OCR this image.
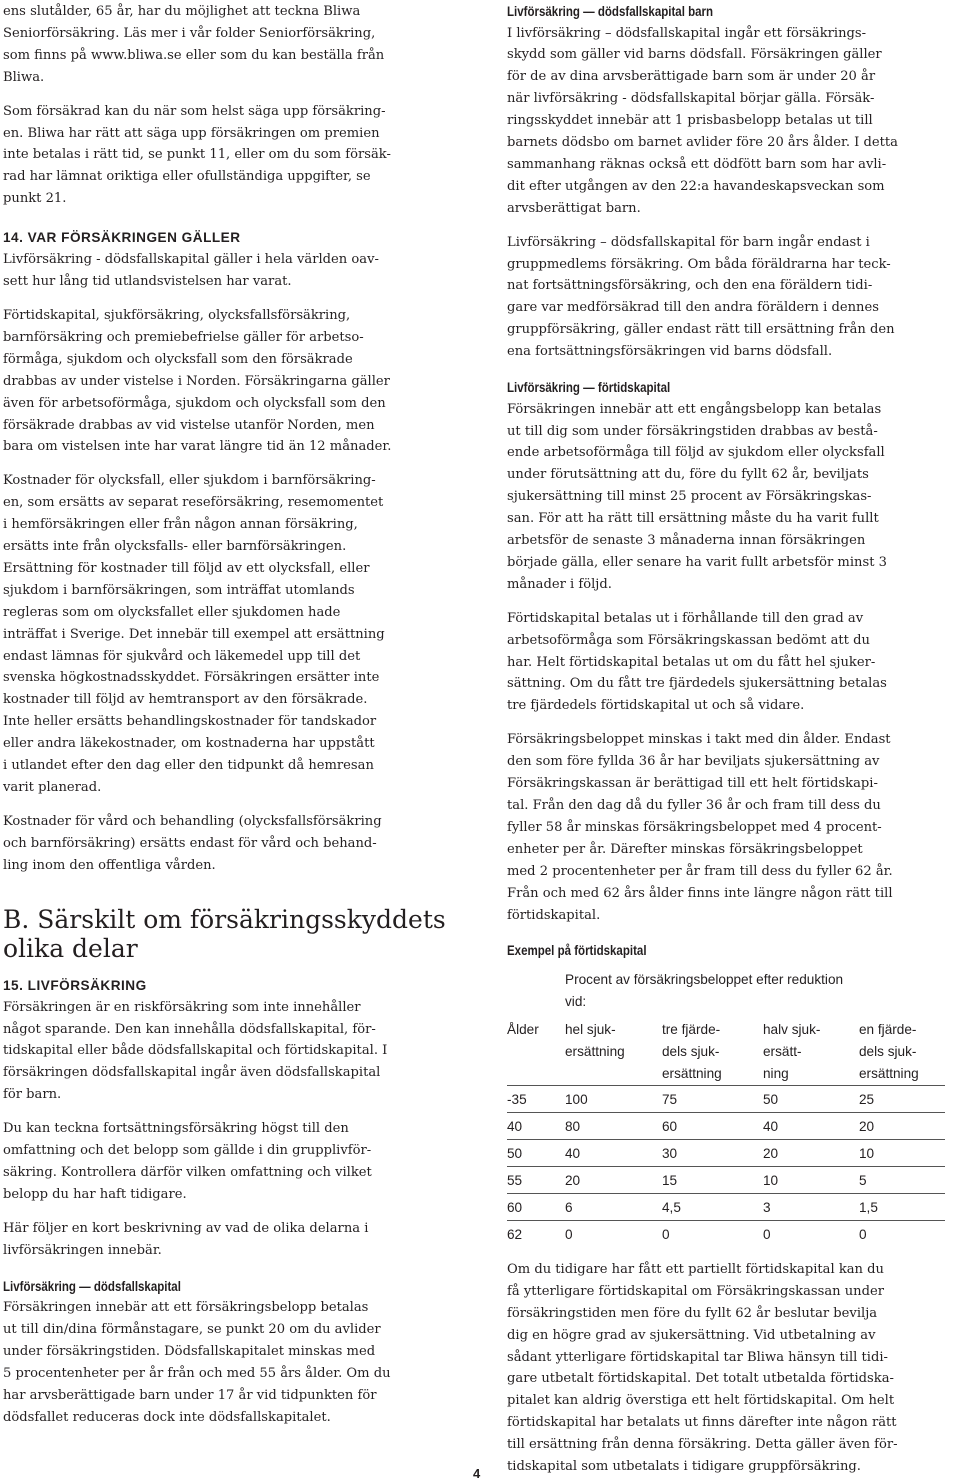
ens slutålder, 65 år, har du möjlighet att teckna Bliwa
Seniorförsäkring. Läs mer i vår folder Seniorförsäkring,
som finns på www.bliwa.se eller som du kan beställa från
Bliwa.

Som försäkrad kan du när som helst säga upp försäkring-
en. Bliwa har rätt att säga upp försäkringen om premien
inte betalas i rätt tid, se punkt 11, eller om du som försäk-
rad har lämnat oriktiga eller ofullständiga uppgifter, se
punkt 21.

14. VAR FÖRSÄKRINGEN GÄLLER

Livförsäkring - dödsfallskapital gäller i hela världen oav-
sett hur lång tid utlandsvistelsen har varat.

Förtidskapital, sjukförsäkring, olycksfallsförsäkring,
barnförsäkring och premiebefrielse gäller för arbetso-
förmåga, sjukdom och olycksfall som den försäkrade
drabbas av under vistelse i Norden. Försäkringarna gäller
även för arbetsoförmåga, sjukdom och olycksfall som den
försäkrade drabbas av vid vistelse utanför Norden, men
bara om vistelsen inte har varat längre tid än 12 månader.

Kostnader för olycksfall, eller sjukdom i barnförsäkring-
en, som ersätts av separat reseförsäkring, resemomentet
i hemförsäkringen eller från någon annan försäkring,
ersätts inte från olycksfalls- eller barnförsäkringen.
Ersättning för kostnader till följd av ett olycksfall, eller
sjukdom i barnförsäkringen, som inträffat utomlands
regleras som om olycksfallet eller sjukdomen hade
inträffat i Sverige. Det innebär till exempel att ersättning
endast lämnas för sjukvård och läkemedel upp till det
svenska högkostnadsskyddet. Försäkringen ersätter inte
kostnader till följd av hemtransport av den försäkrade.
Inte heller ersätts behandlingskostnader för tandskador
eller andra läkekostnader, om kostnaderna har uppstått
i utlandet efter den dag eller den tidpunkt då hemresan
varit planerad.

Kostnader för vård och behandling (olycksfallsförsäkring
och barnförsäkring) ersätts endast för vård och behand-
ling inom den offentliga vården.

B. Särskilt om försäkringsskyddets
olika delar
15. LIVFÖRSÄKRING

Försäkringen är en riskförsäkring som inte innehåller
något sparande. Den kan innehålla dödsfallskapital, för-
tidskapital eller både dödsfallskapital och förtidskapital. I
försäkringen dödsfallskapital ingår även dödsfallskapital
för barn.

Du kan teckna fortsättningsförsäkring högst till den
omfattning och det belopp som gällde i din grupplivför-
säkring. Kontrollera därför vilken omfattning och vilket
belopp du har haft tidigare.

Här följer en kort beskrivning av vad de olika delarna i
livförsäkringen innebär.

Livförsäkring — dödsfallskapital

Försäkringen innebär att ett försäkringsbelopp betalas
ut till din/dina förmånstagare, se punkt 20 om du avlider
under försäkringstiden. Dödsfallskapitalet minskas med
5 procentenheter per år från och med 55 års ålder. Om du
har arvsberättigade barn under 17 år vid tidpunkten för
dödsfallet reduceras dock inte dödsfallskapitalet.

Livförsäkring — dödsfallskapital barn

I livförsäkring – dödsfallskapital ingår ett försäkrings-
skydd som gäller vid barns dödsfall. Försäkringen gäller
för de av dina arvsberättigade barn som är under 20 år
när livförsäkring - dödsfallskapital börjar gälla. Försäk-
ringsskyddet innebär att 1 prisbasbelopp betalas ut till
barnets dödsbo om barnet avlider före 20 års ålder. I detta
sammanhang räknas också ett dödfött barn som har avli-
dit efter utgången av den 22:a havandeskapsveckan som
arvsberättigat barn.

Livförsäkring – dödsfallskapital för barn ingår endast i
gruppmedlems försäkring. Om båda föräldrarna har teck-
nat fortsättningsförsäkring, och den ena föräldern tidi-
gare var medförsäkrad till den andra föräldern i dennes
gruppförsäkring, gäller endast rätt till ersättning från den
ena fortsättningsförsäkringen vid barns dödsfall.

Livförsäkring — förtidskapital

Försäkringen innebär att ett engångsbelopp kan betalas
ut till dig som under försäkringstiden drabbas av bestå-
ende arbetsoförmåga till följd av sjukdom eller olycksfall
under förutsättning att du, före du fyllt 62 år, beviljats
sjukersättning till minst 25 procent av Försäkringskas-
san. För att ha rätt till ersättning måste du ha varit fullt
arbetsför de senaste 3 månaderna innan försäkringen
började gälla, eller senare ha varit fullt arbetsför minst 3
månader i följd.

Förtidskapital betalas ut i förhållande till den grad av
arbetsoförmåga som Försäkringskassan bedömt att du
har. Helt förtidskapital betalas ut om du fått hel sjuker-
sättning. Om du fått tre fjärdedels sjukersättning betalas
tre fjärdedels förtidskapital ut och så vidare.

Försäkringsbeloppet minskas i takt med din ålder. Endast
den som före fyllda 36 år har beviljats sjukersättning av
Försäkringskassan är berättigad till ett helt förtidskapi-
tal. Från den dag då du fyller 36 år och fram till dess du
fyller 58 år minskas försäkringsbeloppet med 4 procent-
enheter per år. Därefter minskas försäkringsbeloppet
med 2 procentenheter per år fram till dess du fyller 62 år.
Från och med 62 års ålder finns inte längre någon rätt till
förtidskapital.

Exempel på förtidskapital
	Procent av försäkringsbeloppet efter reduktion
vid:			
Ålder	hel sjuk-
ersättning	tre fjärde-
dels sjuk-
ersättning	halv sjuk-
ersätt-
ning	en fjärde-
dels sjuk-
ersättning
-35	100	75	50	25
40	80	60	40	20
50	40	30	20	10
55	20	15	10	5
60	6	4,5	3	1,5
62	0	0	0	0

Om du tidigare har fått ett partiellt förtidskapital kan du
få ytterligare förtidskapital om Försäkringskassan under
försäkringstiden men före du fyllt 62 år beslutar bevilja
dig en högre grad av sjukersättning. Vid utbetalning av
sådant ytterligare förtidskapital tar Bliwa hänsyn till tidi-
gare utbetalt förtidskapital. Det totalt utbetalda förtidska-
pitalet kan aldrig överstiga ett helt förtidskapital. Om helt
förtidskapital har betalats ut finns därefter inte någon rätt
till ersättning från denna försäkring. Detta gäller även för-
tidskapital som utbetalats i tidigare gruppförsäkring.

4
